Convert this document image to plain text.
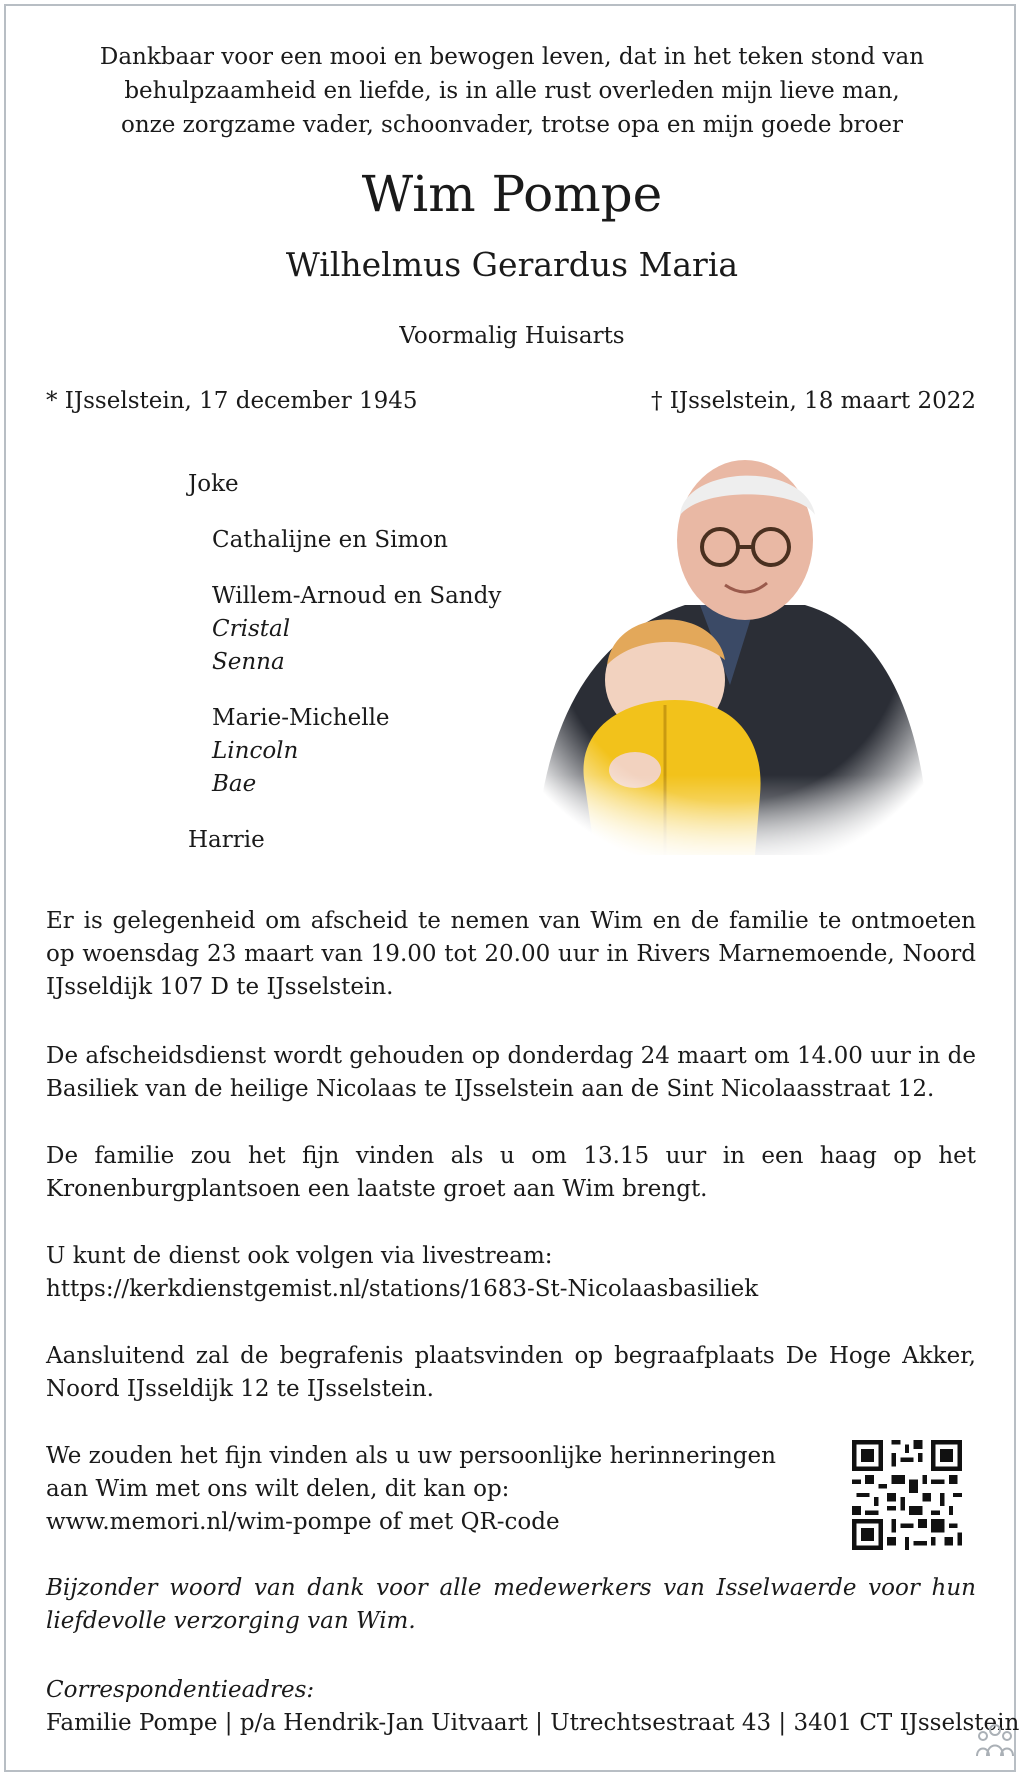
Dankbaar voor een mooi en bewogen leven, dat in het teken stond van
behulpzaamheid en liefde, is in alle rust overleden mijn lieve man,
onze zorgzame vader, schoonvader, trotse opa en mijn goede broer
Wim Pompe
Wilhelmus Gerardus Maria
Voormalig Huisarts
* IJsselstein, 17 december 1945	† IJsselstein, 18 maart 2022
Joke
Cathalijne en Simon
Willem-Arnoud en Sandy
Cristal
Senna
Marie-Michelle
Lincoln
Bae
Harrie
Er is gelegenheid om afscheid te nemen van Wim en de familie te ontmoeten op woensdag 23 maart van 19.00 tot 20.00 uur in Rivers Marnemoende, Noord IJsseldijk 107 D te IJsselstein.
De afscheidsdienst wordt gehouden op donderdag 24 maart om 14.00 uur in de Basiliek van de heilige Nicolaas te IJsselstein aan de Sint Nicolaasstraat 12.
De familie zou het fijn vinden als u om 13.15 uur in een haag op het Kronenburgplantsoen een laatste groet aan Wim brengt.
U kunt de dienst ook volgen via livestream:
https://kerkdienstgemist.nl/stations/1683-St-Nicolaasbasiliek
Aansluitend zal de begrafenis plaatsvinden op begraafplaats De Hoge Akker, Noord IJsseldijk 12 te IJsselstein.
We zouden het fijn vinden als u uw persoonlijke herinneringen
aan Wim met ons wilt delen, dit kan op:
www.memori.nl/wim-pompe of met QR-code
Bijzonder woord van dank voor alle medewerkers van Isselwaerde voor hun liefdevolle verzorging van Wim.
Correspondentieadres:
Familie Pompe | p/a Hendrik-Jan Uitvaart | Utrechtsestraat 43 | 3401 CT IJsselstein
